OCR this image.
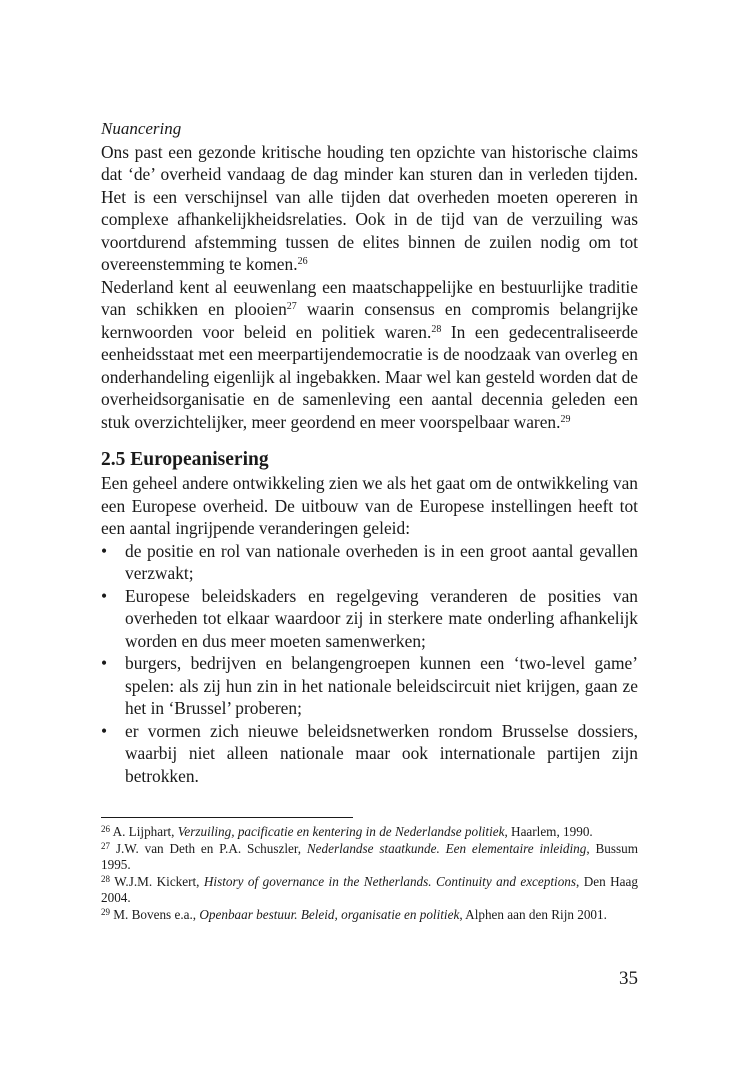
Nuancering

Ons past een gezonde kritische houding ten opzichte van historische claims dat ‘de’ overheid vandaag de dag minder kan sturen dan in verleden tijden. Het is een verschijnsel van alle tijden dat overheden moeten opereren in complexe afhankelijkheidsrelaties. Ook in de tijd van de verzuiling was voortdurend afstemming tussen de elites binnen de zuilen nodig om tot overeenstemming te komen.$^{26}$

Nederland kent al eeuwenlang een maatschappelijke en bestuurlijke traditie van schikken en plooien$^{27}$ waarin consensus en compromis belangrijke kernwoorden voor beleid en politiek waren.$^{28}$ In een gedecentraliseerde eenheidsstaat met een meerpartijendemocratie is de noodzaak van overleg en onderhandeling eigenlijk al ingebakken. Maar wel kan gesteld worden dat de overheidsorganisatie en de samenleving een aantal decennia geleden een stuk overzichtelijker, meer geordend en meer voorspelbaar waren.$^{29}$

2.5 Europeanisering

Een geheel andere ontwikkeling zien we als het gaat om de ontwikkeling van een Europese overheid. De uitbouw van de Europese instellingen heeft tot een aantal ingrijpende veranderingen geleid:

•	de positie en rol van nationale overheden is in een groot aantal gevallen verzwakt;
•	Europese beleidskaders en regelgeving veranderen de posities van overheden tot elkaar waardoor zij in sterkere mate onderling afhankelijk worden en dus meer moeten samenwerken;
•	burgers, bedrijven en belangengroepen kunnen een ‘two-level game’ spelen: als zij hun zin in het nationale beleidscircuit niet krijgen, gaan ze het in ‘Brussel’ proberen;
•	er vormen zich nieuwe beleidsnetwerken rondom Brusselse dossiers, waarbij niet alleen nationale maar ook internationale partijen zijn betrokken.

$^{26}$ A. Lijphart, Verzuiling, pacificatie en kentering in de Nederlandse politiek, Haarlem, 1990.

$^{27}$ J.W. van Deth en P.A. Schuszler, Nederlandse staatkunde. Een elementaire inleiding, Bussum 1995.

$^{28}$ W.J.M. Kickert, History of governance in the Netherlands. Continuity and exceptions, Den Haag 2004.

$^{29}$ M. Bovens e.a., Openbaar bestuur. Beleid, organisatie en politiek, Alphen aan den Rijn 2001.

35
